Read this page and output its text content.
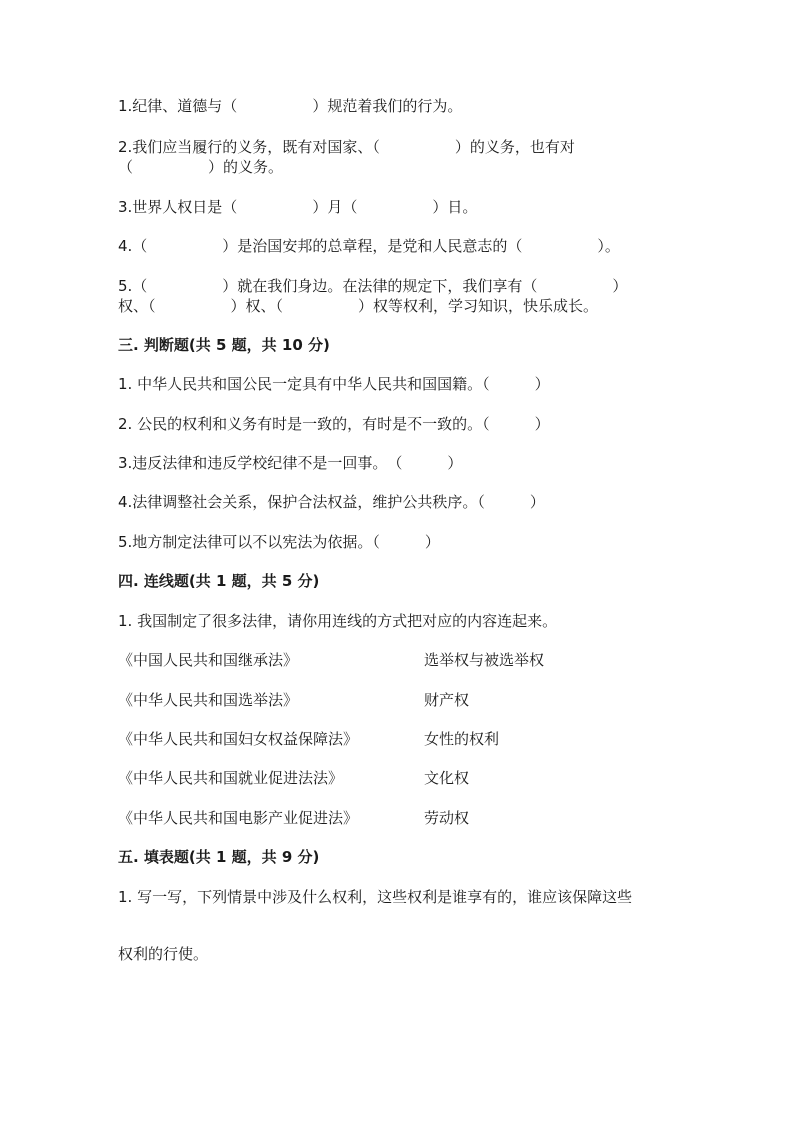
1.纪律、道德与（　　　　　）规范着我们的行为。
2.我们应当履行的义务，既有对国家、（　　　　　）的义务，也有对
（　　　　　）的义务。
3.世界人权日是（　　　　　）月（　　　　　）日。
4.（　　　　　）是治国安邦的总章程，是党和人民意志的（　　　　　）。
5.（　　　　　）就在我们身边。在法律的规定下，我们享有（　　　　　）
权、（　　　　　）权、（　　　　　）权等权利，学习知识，快乐成长。
三. 判断题(共 5 题，共 10 分)
1. 中华人民共和国公民一定具有中华人民共和国国籍。（　　　）
2. 公民的权利和义务有时是一致的，有时是不一致的。（　　　）
3.违反法律和违反学校纪律不是一回事。　（　　　）
4.法律调整社会关系，保护合法权益，维护公共秩序。（　　　）
5.地方制定法律可以不以宪法为依据。（　　　）
四. 连线题(共 1 题，共 5 分)
1. 我国制定了很多法律，请你用连线的方式把对应的内容连起来。
《中国人民共和国继承法》	选举权与被选举权
《中华人民共和国选举法》	财产权
《中华人民共和国妇女权益保障法》	女性的权利
《中华人民共和国就业促进法法》	文化权
《中华人民共和国电影产业促进法》	劳动权
五. 填表题(共 1 题，共 9 分)
1. 写一写，下列情景中涉及什么权利，这些权利是谁享有的，谁应该保障这些
权利的行使。
